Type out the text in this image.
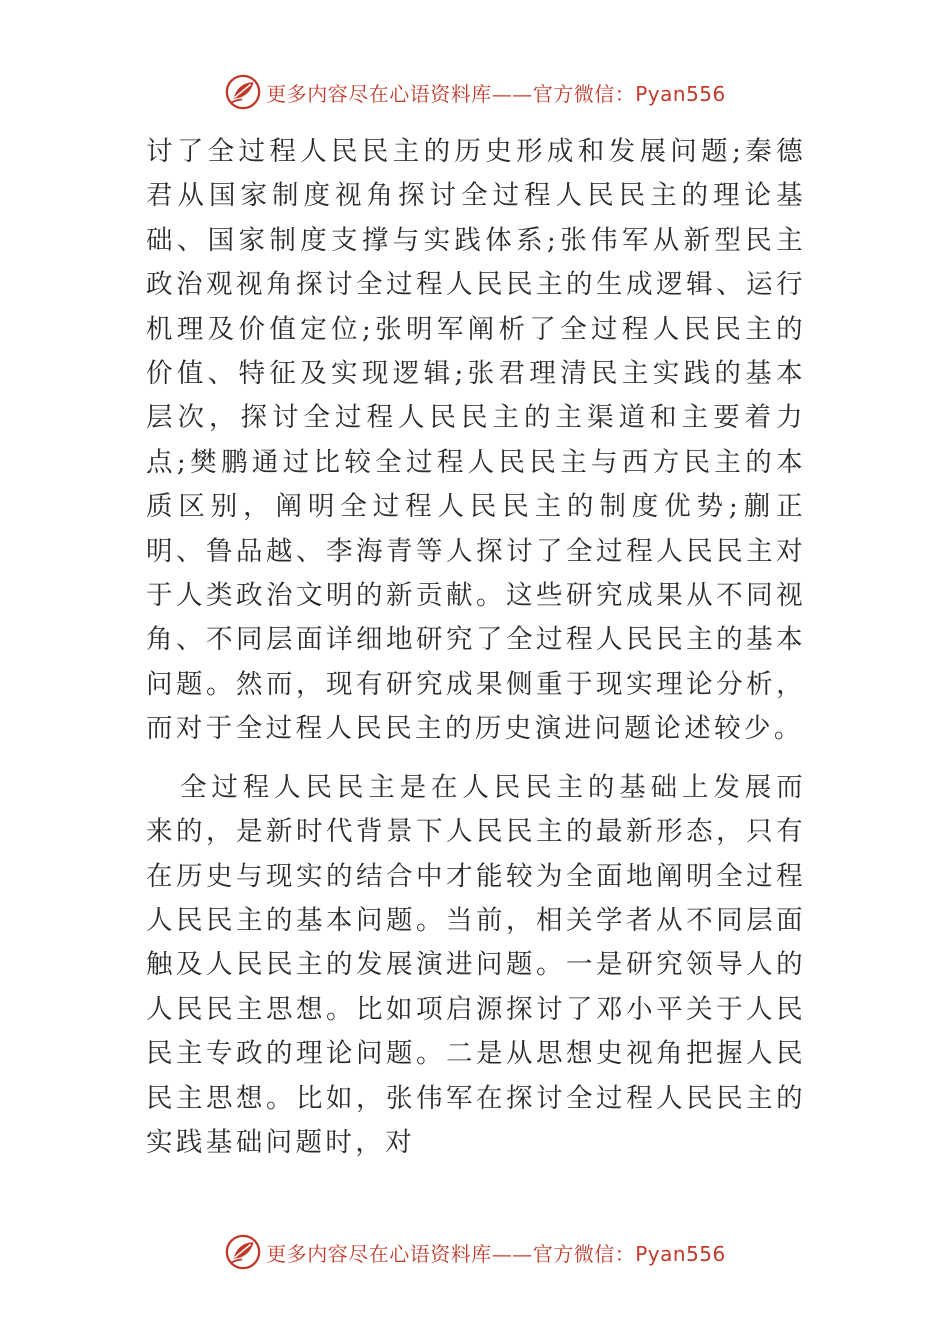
更多内容尽在心语资料库——官方微信：Pyan556

讨了全过程人民民主的历史形成和发展问题;秦德君从国家制度视角探讨全过程人民民主的理论基础、国家制度支撑与实践体系;张伟军从新型民主政治观视角探讨全过程人民民主的生成逻辑、运行机理及价值定位;张明军阐析了全过程人民民主的价值、特征及实现逻辑;张君理清民主实践的基本层次，探讨全过程人民民主的主渠道和主要着力点;樊鹏通过比较全过程人民民主与西方民主的本质区别，阐明全过程人民民主的制度优势;蒯正明、鲁品越、李海青等人探讨了全过程人民民主对于人类政治文明的新贡献。这些研究成果从不同视角、不同层面详细地研究了全过程人民民主的基本问题。然而，现有研究成果侧重于现实理论分析，而对于全过程人民民主的历史演进问题论述较少。

全过程人民民主是在人民民主的基础上发展而来的，是新时代背景下人民民主的最新形态，只有在历史与现实的结合中才能较为全面地阐明全过程人民民主的基本问题。当前，相关学者从不同层面触及人民民主的发展演进问题。一是研究领导人的人民民主思想。比如项启源探讨了邓小平关于人民民主专政的理论问题。二是从思想史视角把握人民民主思想。比如，张伟军在探讨全过程人民民主的实践基础问题时，对

更多内容尽在心语资料库——官方微信：Pyan556
